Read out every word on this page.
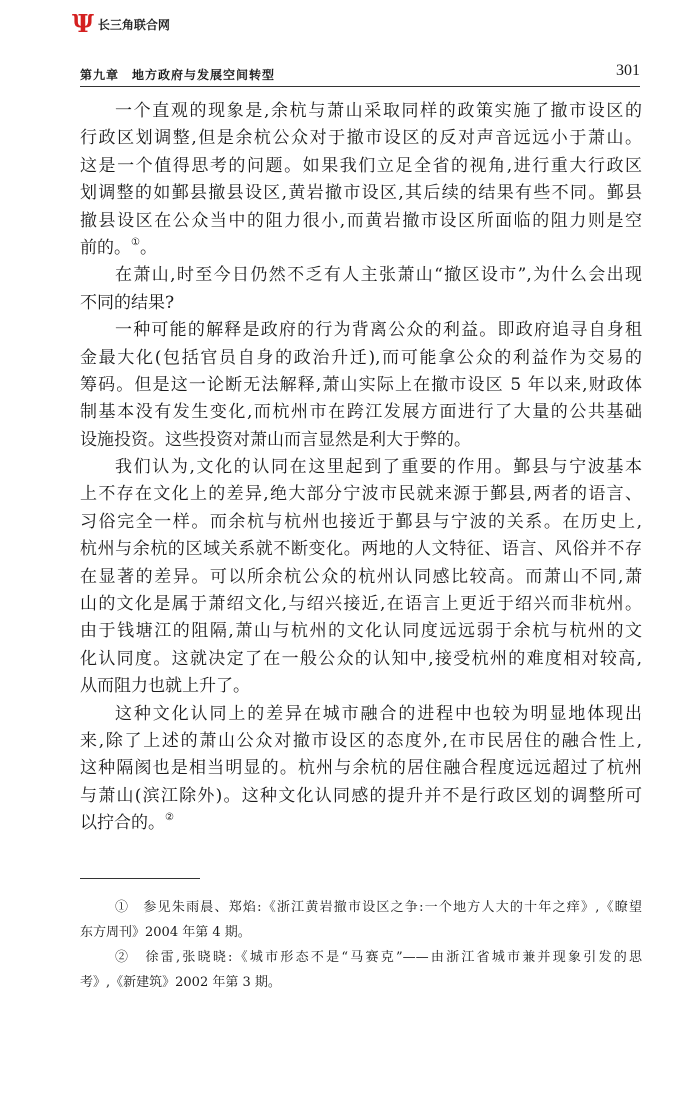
Ψ 长三角联合网
第九章　地方政府与发展空间转型	301
一个直观的现象是,余杭与萧山采取同样的政策实施了撤市设区的
行政区划调整,但是余杭公众对于撤市设区的反对声音远远小于萧山。
这是一个值得思考的问题。如果我们立足全省的视角,进行重大行政区
划调整的如鄞县撤县设区,黄岩撤市设区,其后续的结果有些不同。鄞县
撤县设区在公众当中的阻力很小,而黄岩撤市设区所面临的阻力则是空
前的。①。
在萧山,时至今日仍然不乏有人主张萧山“撤区设市”,为什么会出现
不同的结果?
一种可能的解释是政府的行为背离公众的利益。即政府追寻自身租
金最大化(包括官员自身的政治升迁),而可能拿公众的利益作为交易的
筹码。但是这一论断无法解释,萧山实际上在撤市设区 5 年以来,财政体
制基本没有发生变化,而杭州市在跨江发展方面进行了大量的公共基础
设施投资。这些投资对萧山而言显然是利大于弊的。
我们认为,文化的认同在这里起到了重要的作用。鄞县与宁波基本
上不存在文化上的差异,绝大部分宁波市民就来源于鄞县,两者的语言、
习俗完全一样。而余杭与杭州也接近于鄞县与宁波的关系。在历史上,
杭州与余杭的区域关系就不断变化。两地的人文特征、语言、风俗并不存
在显著的差异。可以所余杭公众的杭州认同感比较高。而萧山不同,萧
山的文化是属于萧绍文化,与绍兴接近,在语言上更近于绍兴而非杭州。
由于钱塘江的阻隔,萧山与杭州的文化认同度远远弱于余杭与杭州的文
化认同度。这就决定了在一般公众的认知中,接受杭州的难度相对较高,
从而阻力也就上升了。
这种文化认同上的差异在城市融合的进程中也较为明显地体现出
来,除了上述的萧山公众对撤市设区的态度外,在市民居住的融合性上,
这种隔阂也是相当明显的。杭州与余杭的居住融合程度远远超过了杭州
与萧山(滨江除外)。这种文化认同感的提升并不是行政区划的调整所可
以拧合的。②
①　参见朱雨晨、郑焰:《浙江黄岩撤市设区之争:一个地方人大的十年之痒》,《瞭望
东方周刊》2004 年第 4 期。
②　徐雷,张晓晓:《城市形态不是“马赛克”——由浙江省城市兼并现象引发的思
考》,《新建筑》2002 年第 3 期。
